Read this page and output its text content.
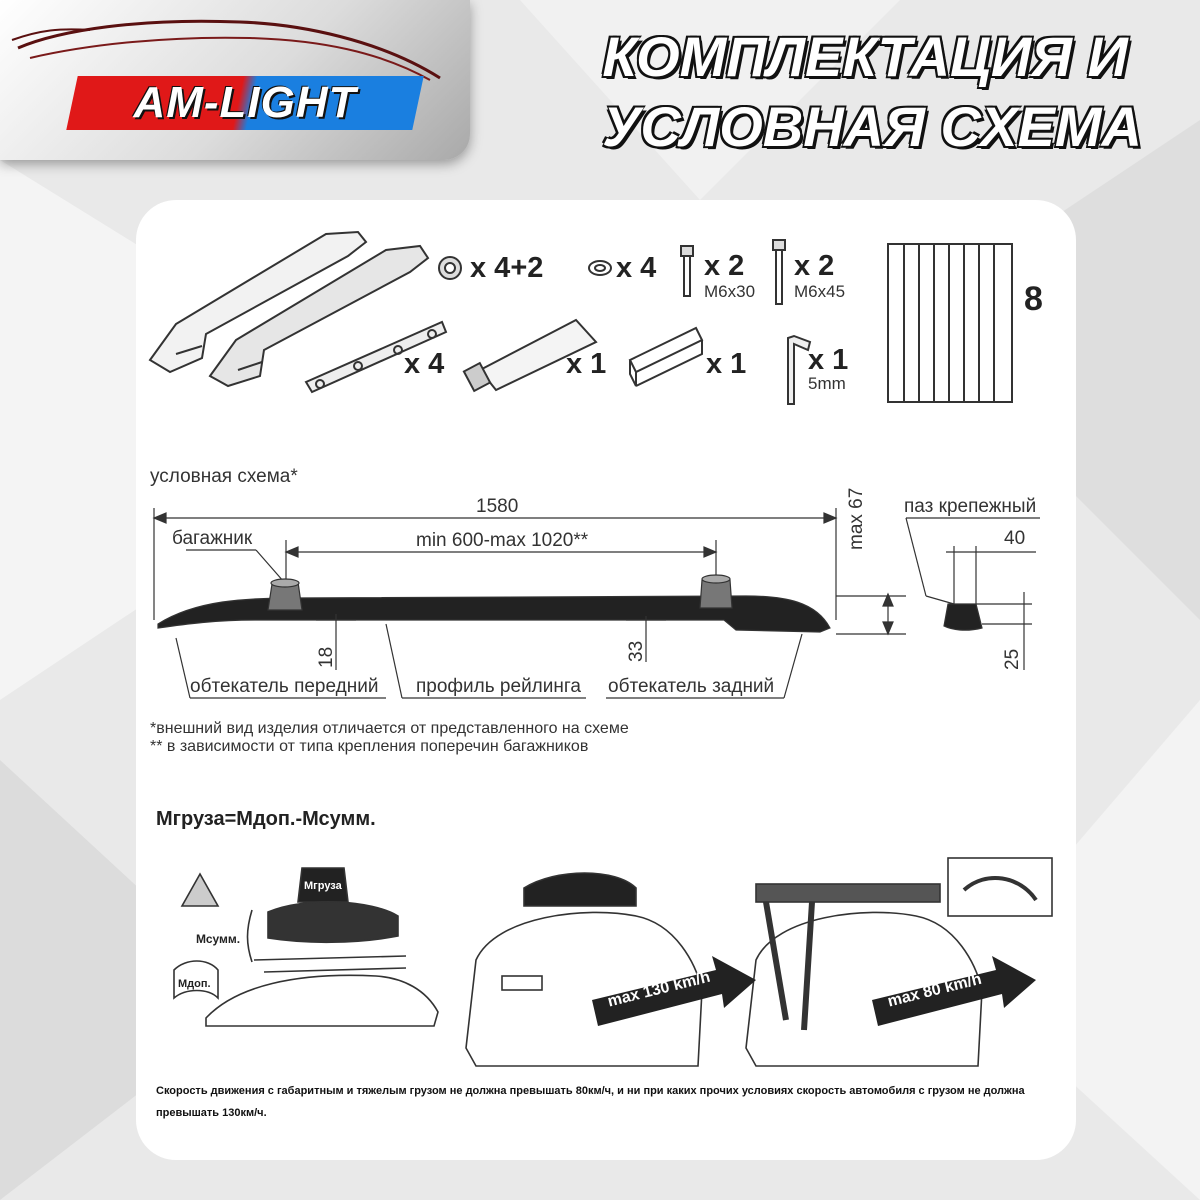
AM-LIGHT
КОМПЛЕКТАЦИЯ И
УСЛОВНАЯ СХЕМА
x 4+2	x 4 x 2
M6x30
x 2
M6x45	8
x 4	x 1	x 1 x 1
5mm
условная схема*
1580
min 600-max 1020**
багажник	max 67 паз крепежный
40
25
18	33
обтекатель передний профиль рейлинга обтекатель задний
*внешний вид изделия отличается от представленного на схеме
** в зависимости от типа крепления поперечин багажников
Мгруза=Мдоп.-Мсумм.
Мгруза
Мсумм.
Мдоп.	max 130 km/h	max 80 km/h
Скорость движения с габаритным и тяжелым грузом не должна превышать 80км/ч, и ни при каких прочих условиях скорость автомобиля с грузом не должна превышать 130км/ч.
